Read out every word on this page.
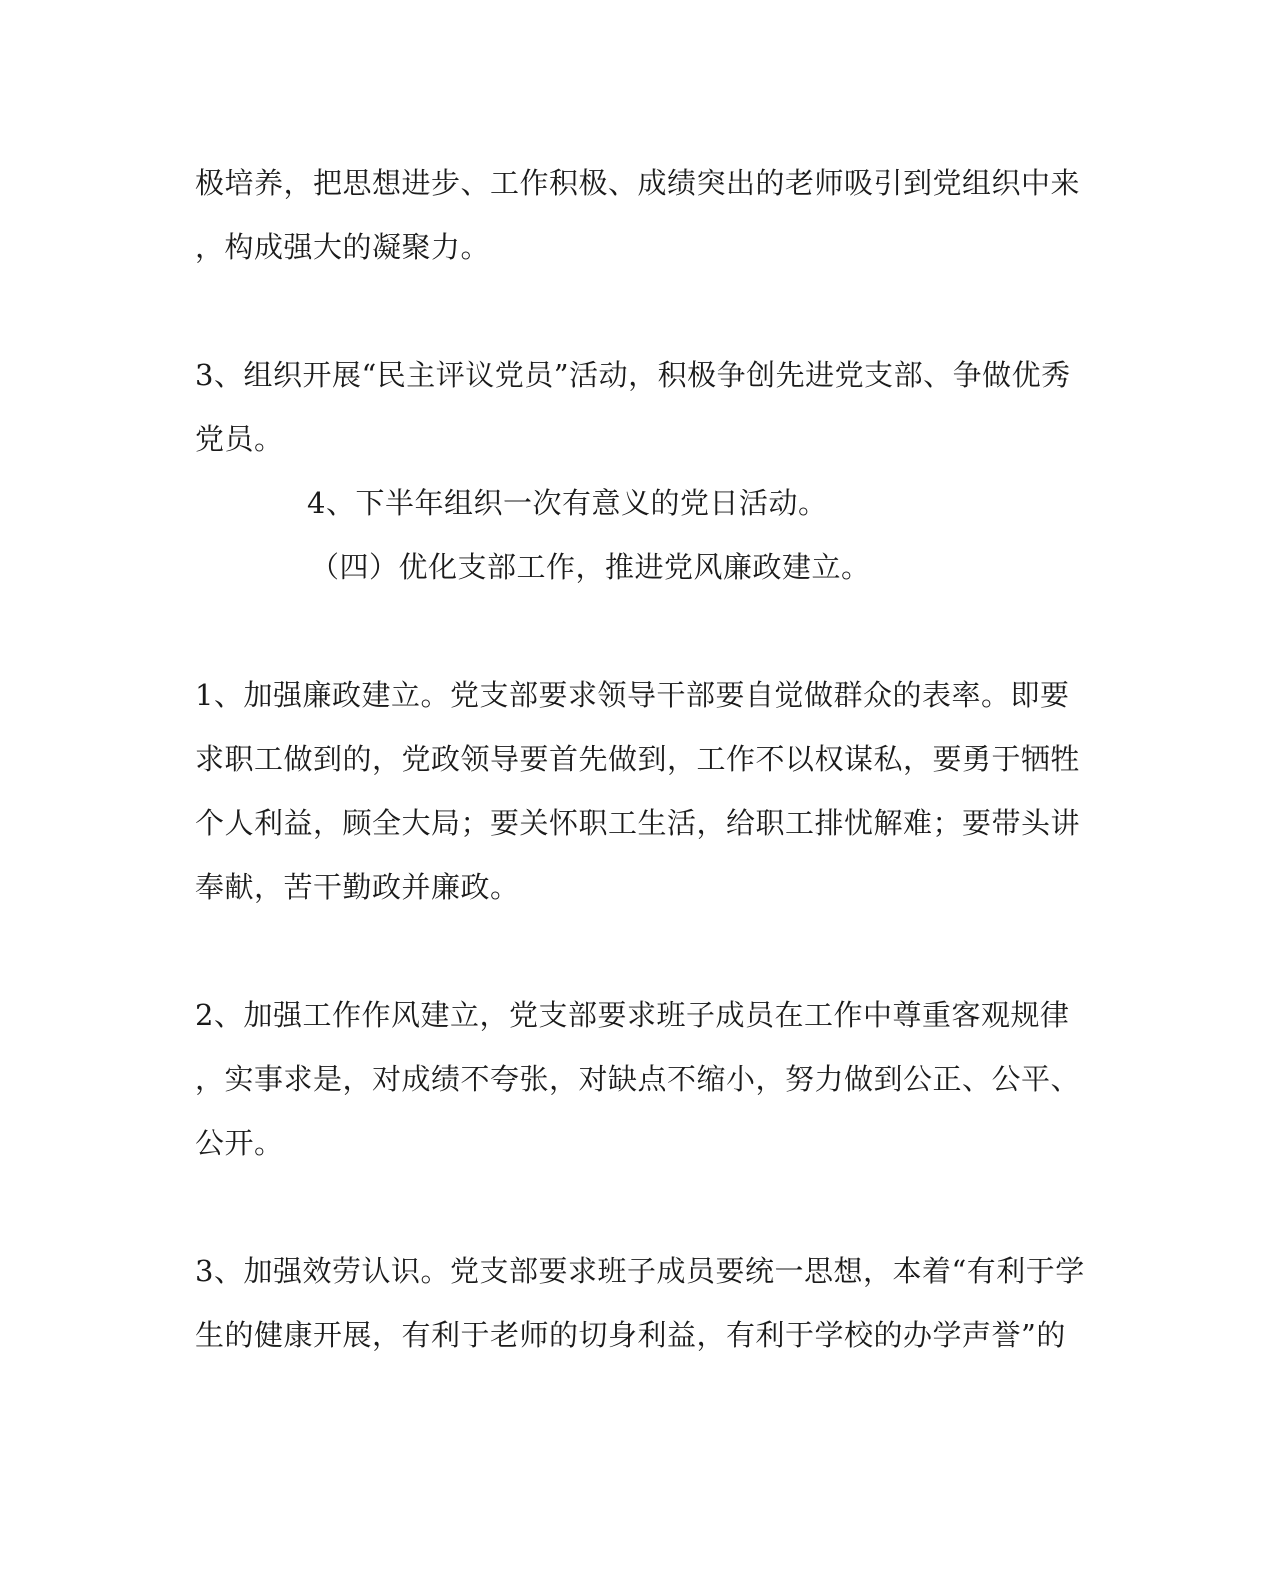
极培养，把思想进步、工作积极、成绩突出的老师吸引到党组织中来
，构成强大的凝聚力。
3、组织开展“民主评议党员”活动，积极争创先进党支部、争做优秀
党员。
4、下半年组织一次有意义的党日活动。
（四）优化支部工作，推进党风廉政建立。
1、加强廉政建立。党支部要求领导干部要自觉做群众的表率。即要
求职工做到的，党政领导要首先做到，工作不以权谋私，要勇于牺牲
个人利益，顾全大局；要关怀职工生活，给职工排忧解难；要带头讲
奉献，苦干勤政并廉政。
2、加强工作作风建立，党支部要求班子成员在工作中尊重客观规律
，实事求是，对成绩不夸张，对缺点不缩小，努力做到公正、公平、
公开。
3、加强效劳认识。党支部要求班子成员要统一思想，本着“有利于学
生的健康开展，有利于老师的切身利益，有利于学校的办学声誉”的
